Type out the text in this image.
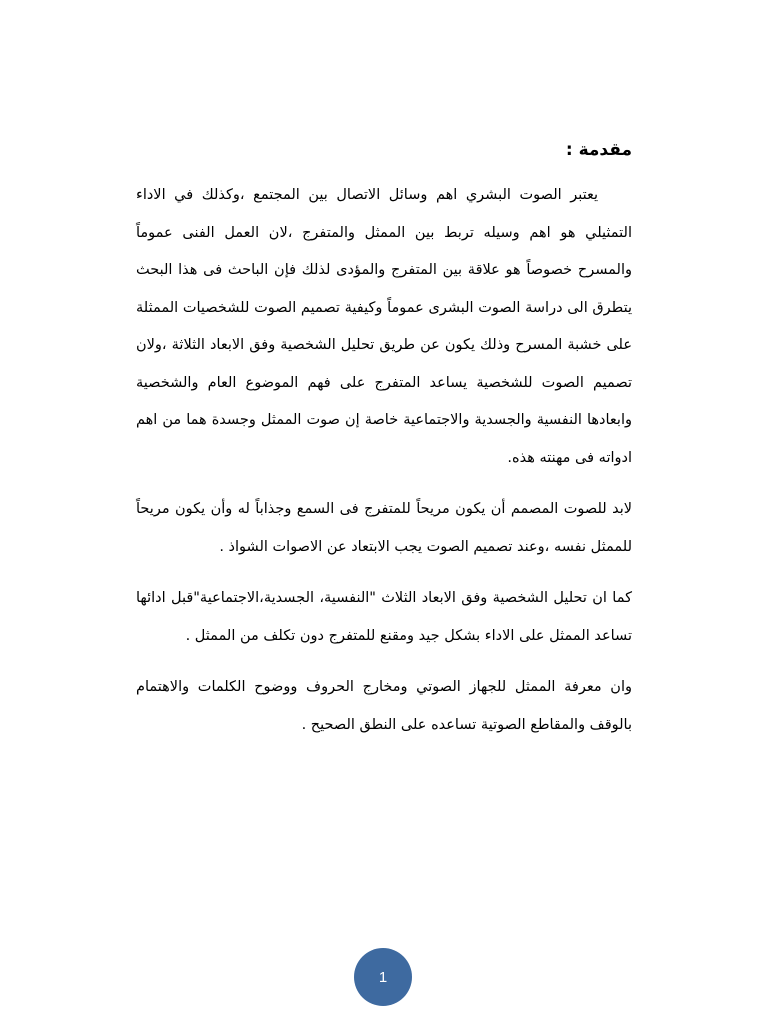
مقدمة :

يعتبر الصوت البشري اهم وسائل الاتصال بين المجتمع ،وكذلك في الاداء التمثيلي هو اهم وسيله تربط بين الممثل والمتفرج ،لان العمل الفنى عموماً والمسرح خصوصاً هو علاقة بين المتفرج والمؤدى لذلك فإن الباحث فى هذا البحث يتطرق الى دراسة الصوت البشرى عموماً وكيفية تصميم الصوت للشخصيات الممثلة على خشبة المسرح وذلك يكون عن طريق تحليل الشخصية وفق الابعاد الثلاثة ،ولان تصميم الصوت للشخصية يساعد المتفرج على فهم الموضوع العام والشخصية وابعادها النفسية والجسدية والاجتماعية خاصة إن صوت الممثل وجسدة هما من اهم ادواته فى مهنته هذه.

لابد للصوت المصمم أن يكون مريحاً للمتفرج فى السمع وجذاباً له وأن يكون مريحاً للممثل نفسه ،وعند تصميم الصوت يجب الابتعاد عن الاصوات الشواذ .

كما ان تحليل الشخصية وفق الابعاد الثلاث "النفسية، الجسدية،الاجتماعية"قبل ادائها تساعد الممثل على الاداء بشكل جيد ومقنع للمتفرج دون تكلف من الممثل .

وان معرفة الممثل للجهاز الصوتي ومخارج الحروف ووضوح الكلمات والاهتمام بالوقف والمقاطع الصوتية تساعده على النطق الصحيح .

1
